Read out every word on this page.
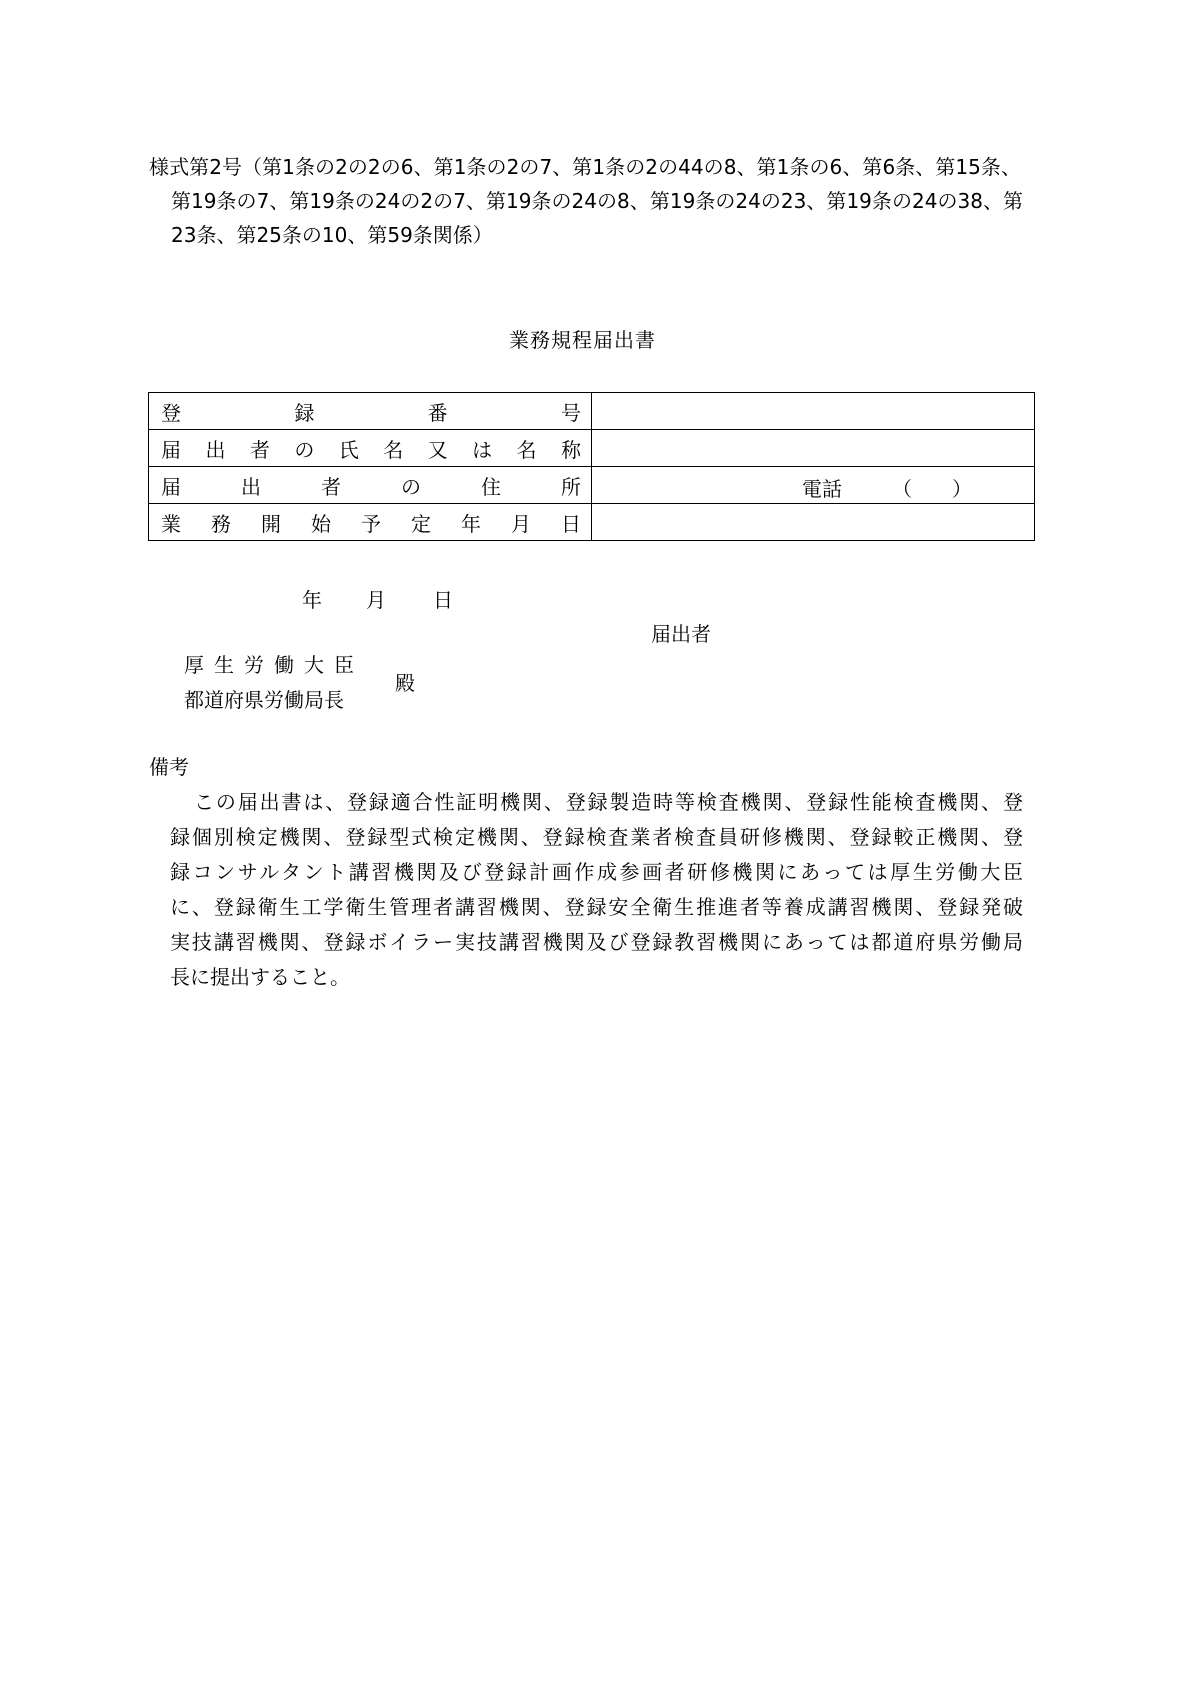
様式第2号（第1条の2の2の6、第1条の2の7、第1条の2の44の8、第1条の6、第6条、第15条、
第19条の7、第19条の24の2の7、第19条の24の8、第19条の24の23、第19条の24の38、第
23条、第25条の10、第59条関係）
業務規程届出書
登録番号	
届出者の氏名又は名称	
届出者の住所	電話 （　　）

業務開始予定年月日	
年 月 日
届出者
厚生労働大臣
都道府県労働局長
殿
備考
この届出書は、登録適合性証明機関、登録製造時等検査機関、登録性能検査機関、登
録個別検定機関、登録型式検定機関、登録検査業者検査員研修機関、登録較正機関、登
録コンサルタント講習機関及び登録計画作成参画者研修機関にあっては厚生労働大臣
に、登録衛生工学衛生管理者講習機関、登録安全衛生推進者等養成講習機関、登録発破
実技講習機関、登録ボイラー実技講習機関及び登録教習機関にあっては都道府県労働局
長に提出すること。
